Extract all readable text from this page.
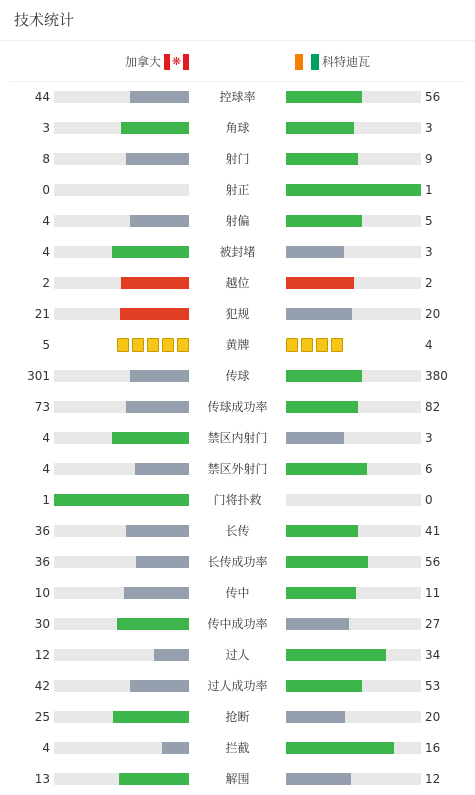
技术统计
加拿大 ❋	科特迪瓦
44	控球率	56
3	角球	3
8	射门	9
0	射正	1
4	射偏	5
4	被封堵	3
2	越位	2
21	犯规	20
5	黄牌	4
301	传球	380
73	传球成功率	82
4	禁区内射门	3
4	禁区外射门	6
1	门将扑救	0
36	长传	41
36	长传成功率	56
10	传中	11
30	传中成功率	27
12	过人	34
42	过人成功率	53
25	抢断	20
4	拦截	16
13	解围	12
